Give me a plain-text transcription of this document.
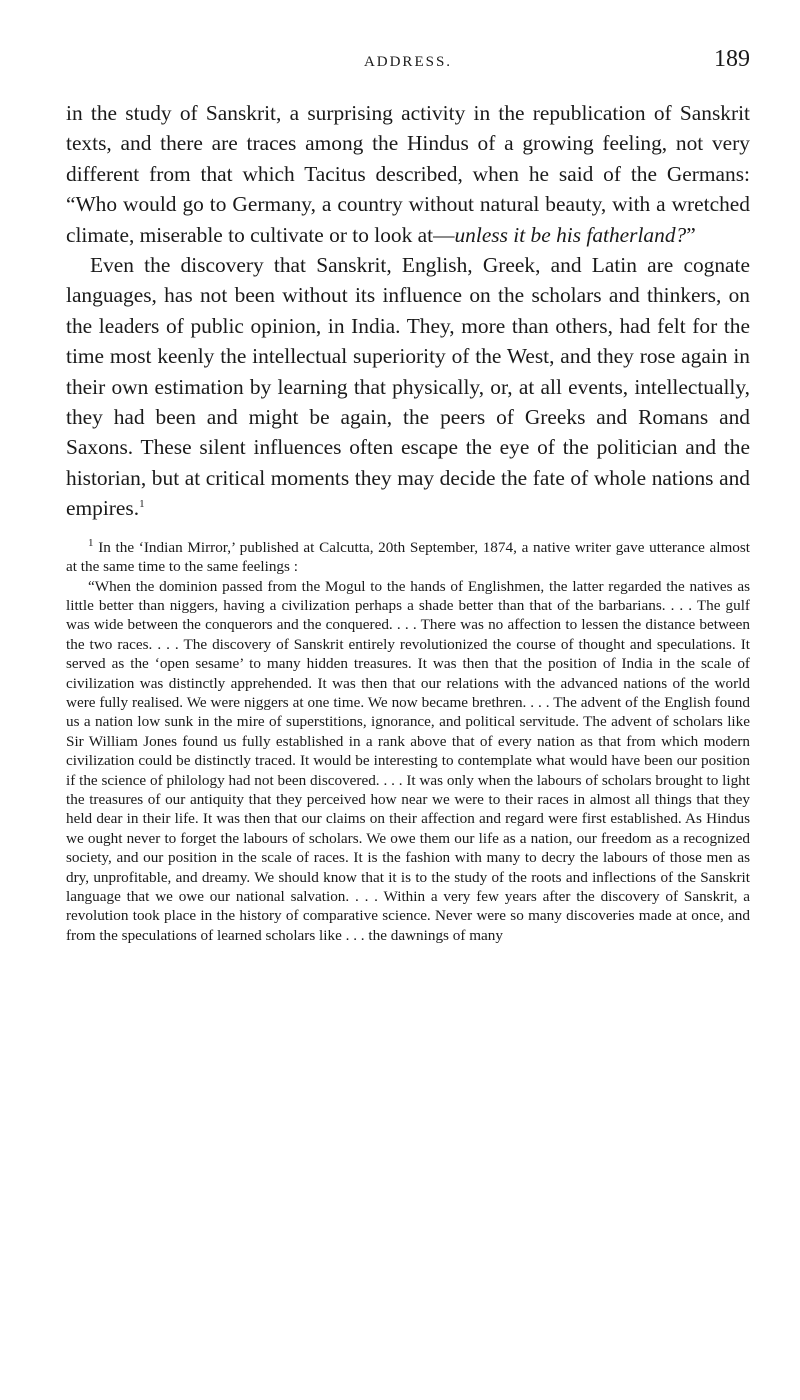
ADDRESS.	189

in the study of Sanskrit, a surprising activity in the republication of Sanskrit texts, and there are traces among the Hindus of a growing feeling, not very different from that which Tacitus described, when he said of the Germans: “Who would go to Germany, a country without natural beauty, with a wretched climate, miserable to cultivate or to look at—unless it be his fatherland?”

Even the discovery that Sanskrit, English, Greek, and Latin are cognate languages, has not been without its influence on the scholars and thinkers, on the leaders of public opinion, in India. They, more than others, had felt for the time most keenly the intellectual superiority of the West, and they rose again in their own estimation by learning that physically, or, at all events, intellectually, they had been and might be again, the peers of Greeks and Romans and Saxons. These silent influences often escape the eye of the politician and the historian, but at critical moments they may decide the fate of whole nations and empires.$^1$

$^1$ In the ‘Indian Mirror,’ published at Calcutta, 20th September, 1874, a native writer gave utterance almost at the same time to the same feelings :

“When the dominion passed from the Mogul to the hands of Englishmen, the latter regarded the natives as little better than niggers, having a civilization perhaps a shade better than that of the barbarians. . . . The gulf was wide between the conquerors and the conquered. . . . There was no affection to lessen the distance between the two races. . . . The discovery of Sanskrit entirely revolutionized the course of thought and speculations. It served as the ‘open sesame’ to many hidden treasures. It was then that the position of India in the scale of civilization was distinctly apprehended. It was then that our relations with the advanced nations of the world were fully realised. We were niggers at one time. We now became brethren. . . . The advent of the English found us a nation low sunk in the mire of superstitions, ignorance, and political servitude. The advent of scholars like Sir William Jones found us fully established in a rank above that of every nation as that from which modern civilization could be distinctly traced. It would be interesting to contemplate what would have been our position if the science of philology had not been discovered. . . . It was only when the labours of scholars brought to light the treasures of our antiquity that they perceived how near we were to their races in almost all things that they held dear in their life. It was then that our claims on their affection and regard were first established. As Hindus we ought never to forget the labours of scholars. We owe them our life as a nation, our freedom as a recognized society, and our position in the scale of races. It is the fashion with many to decry the labours of those men as dry, unprofitable, and dreamy. We should know that it is to the study of the roots and inflections of the Sanskrit language that we owe our national salvation. . . . Within a very few years after the discovery of Sanskrit, a revolution took place in the history of comparative science. Never were so many discoveries made at once, and from the speculations of learned scholars like . . . the dawnings of many
